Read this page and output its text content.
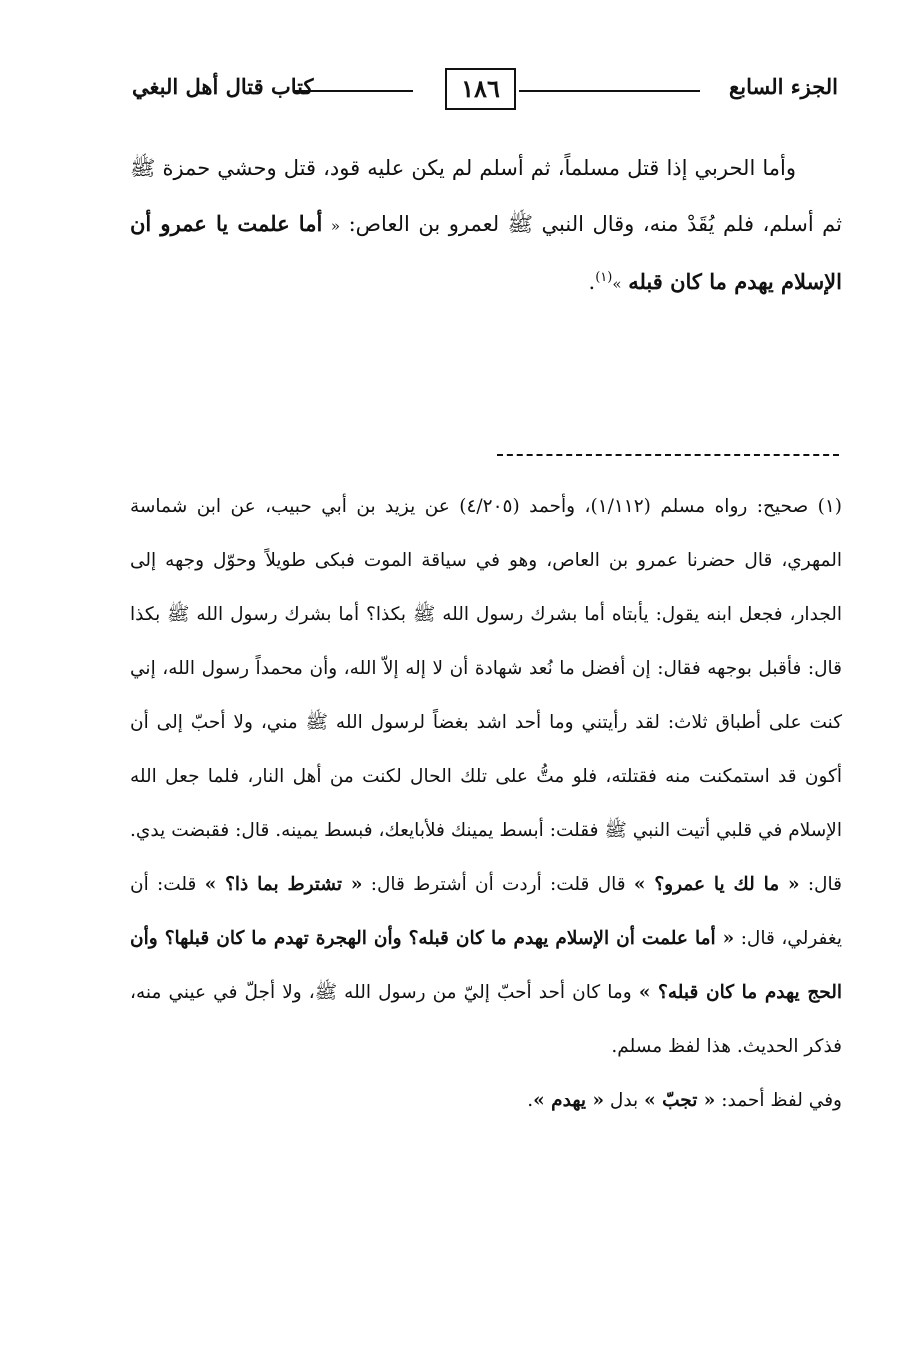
الجزء السابع
١٨٦
كتاب قتال أهل البغي

وأما الحربي إذا قتل مسلماً، ثم أسلم لم يكن عليه قود، قتل وحشي حمزة ﷺ ثم أسلم، فلم يُقَدْ منه، وقال النبي ﷺ لعمرو بن العاص: « أما علمت يا عمرو أن الإسلام يهدم ما كان قبله »$^{(١)}$.

(١) صحيح: رواه مسلم (١/١١٢)، وأحمد (٤/٢٠٥) عن يزيد بن أبي حبيب، عن ابن شماسة المهري، قال حضرنا عمرو بن العاص، وهو في سياقة الموت فبكى طويلاً وحوّل وجهه إلى الجدار، فجعل ابنه يقول: يأبتاه أما بشرك رسول الله ﷺ بكذا؟ أما بشرك رسول الله ﷺ بكذا قال: فأقبل بوجهه فقال: إن أفضل ما نُعد شهادة أن لا إله إلاّ الله، وأن محمداً رسول الله، إني كنت على أطباق ثلاث: لقد رأيتني وما أحد اشد بغضاً لرسول الله ﷺ مني، ولا أحبّ إلى أن أكون قد استمكنت منه فقتلته، فلو متُّ على تلك الحال لكنت من أهل النار، فلما جعل الله الإسلام في قلبي أتيت النبي ﷺ فقلت: أبسط يمينك فلأبايعك، فبسط يمينه. قال: فقبضت يدي. قال: « ما لك يا عمرو؟ » قال قلت: أردت أن أشترط قال: « تشترط بما ذا؟ » قلت: أن يغفرلي، قال: « أما علمت أن الإسلام يهدم ما كان قبله؟ وأن الهجرة تهدم ما كان قبلها؟ وأن الحج يهدم ما كان قبله؟ » وما كان أحد أحبّ إليّ من رسول الله ﷺ، ولا أجلّ في عيني منه، فذكر الحديث. هذا لفظ مسلم.

وفي لفظ أحمد: « تجبّ » بدل « يهدم ».
